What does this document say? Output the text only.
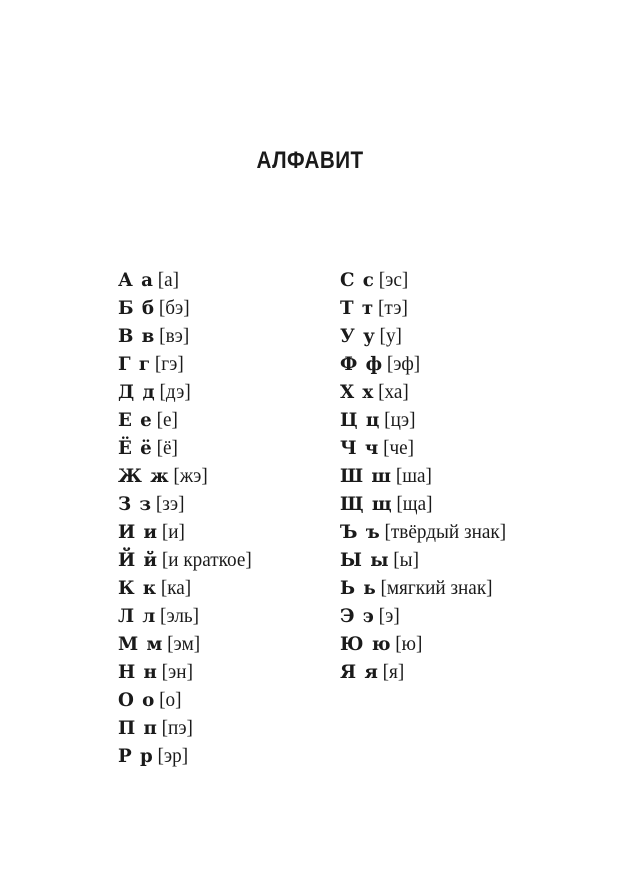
АЛФАВИТ
А а [а]
Б б [бэ]
В в [вэ]
Г г [гэ]
Д д [дэ]
Е е [е]
Ё ё [ё]
Ж ж [жэ]
З з [зэ]
И и [и]
Й й [и краткое]
К к [ка]
Л л [эль]
М м [эм]
Н н [эн]
О о [о]
П п [пэ]
Р р [эр]
С с [эс]
Т т [тэ]
У у [у]
Ф ф [эф]
Х х [ха]
Ц ц [цэ]
Ч ч [че]
Ш ш [ша]
Щ щ [ща]
Ъ ъ [твёрдый знак]
Ы ы [ы]
Ь ь [мягкий знак]
Э э [э]
Ю ю [ю]
Я я [я]
